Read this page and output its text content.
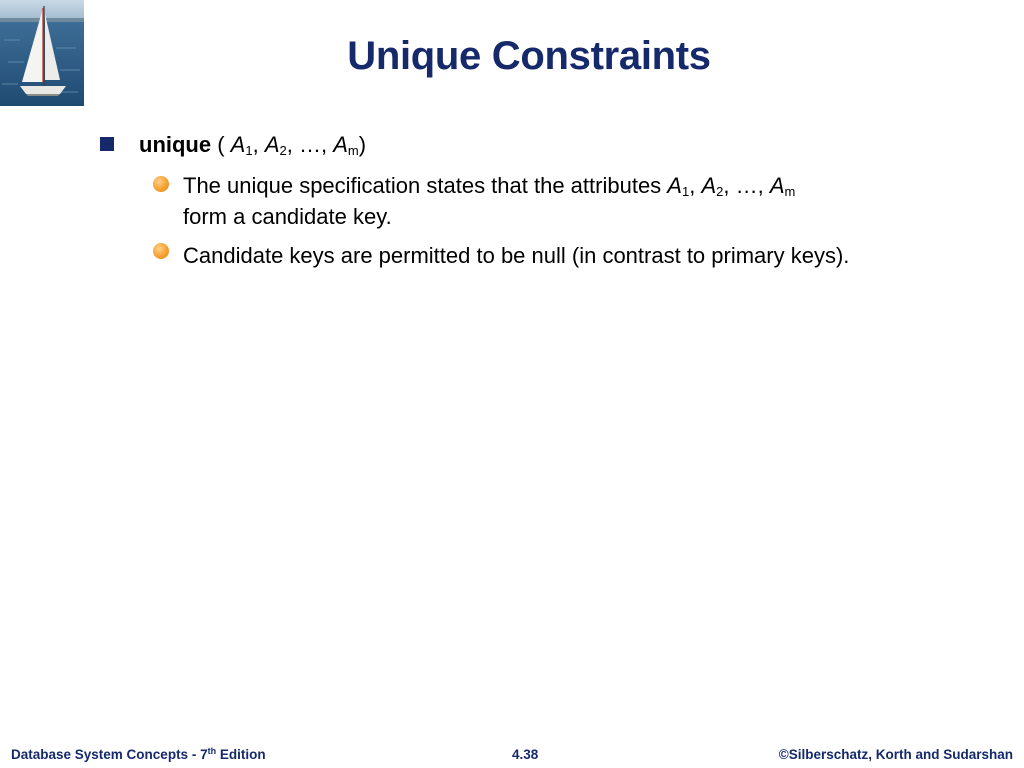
Unique Constraints
unique ( $A_1$, $A_2$, …, $A_m$)
The unique specification states that the attributes $A_1$, $A_2$, …, $A_m$
form a candidate key.
Candidate keys are permitted to be null (in contrast to primary keys).
Database System Concepts - 7th Edition	4.38	©Silberschatz, Korth and Sudarshan
